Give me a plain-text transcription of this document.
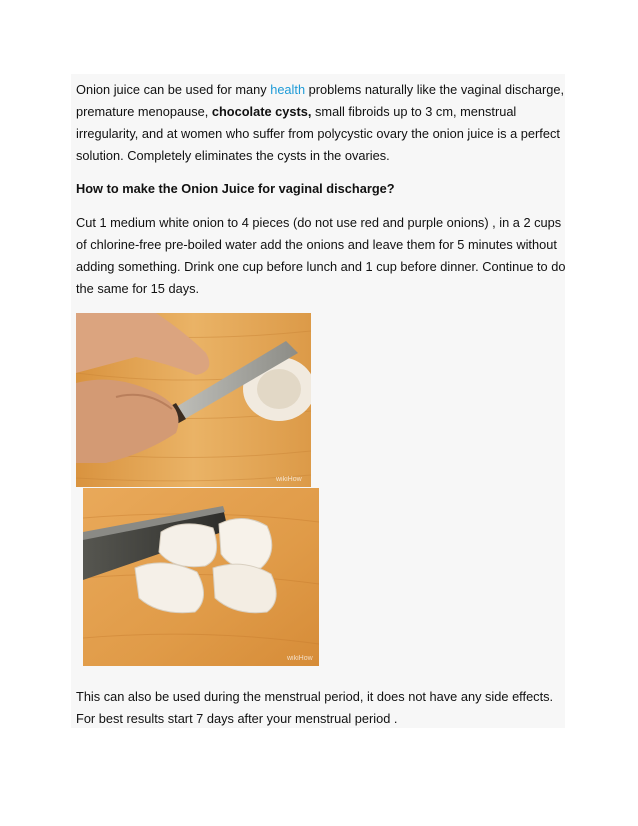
Onion juice can be used for many health problems naturally like the vaginal discharge, premature menopause, chocolate cysts, small fibroids up to 3 cm, menstrual irregularity, and at women who suffer from polycystic ovary the onion juice is a perfect solution. Completely eliminates the cysts in the ovaries.

How to make the Onion Juice for vaginal discharge?

Cut 1 medium white onion to 4 pieces (do not use red and purple onions) , in a 2 cups of chlorine-free pre-boiled water add the onions and leave them for 5 minutes without adding something. Drink one cup before lunch and 1 cup before dinner. Continue to do the same for 15 days.

wikiHow
wikiHow

This can also be used during the menstrual period, it does not have any side effects. For best results start 7 days after your menstrual period .
